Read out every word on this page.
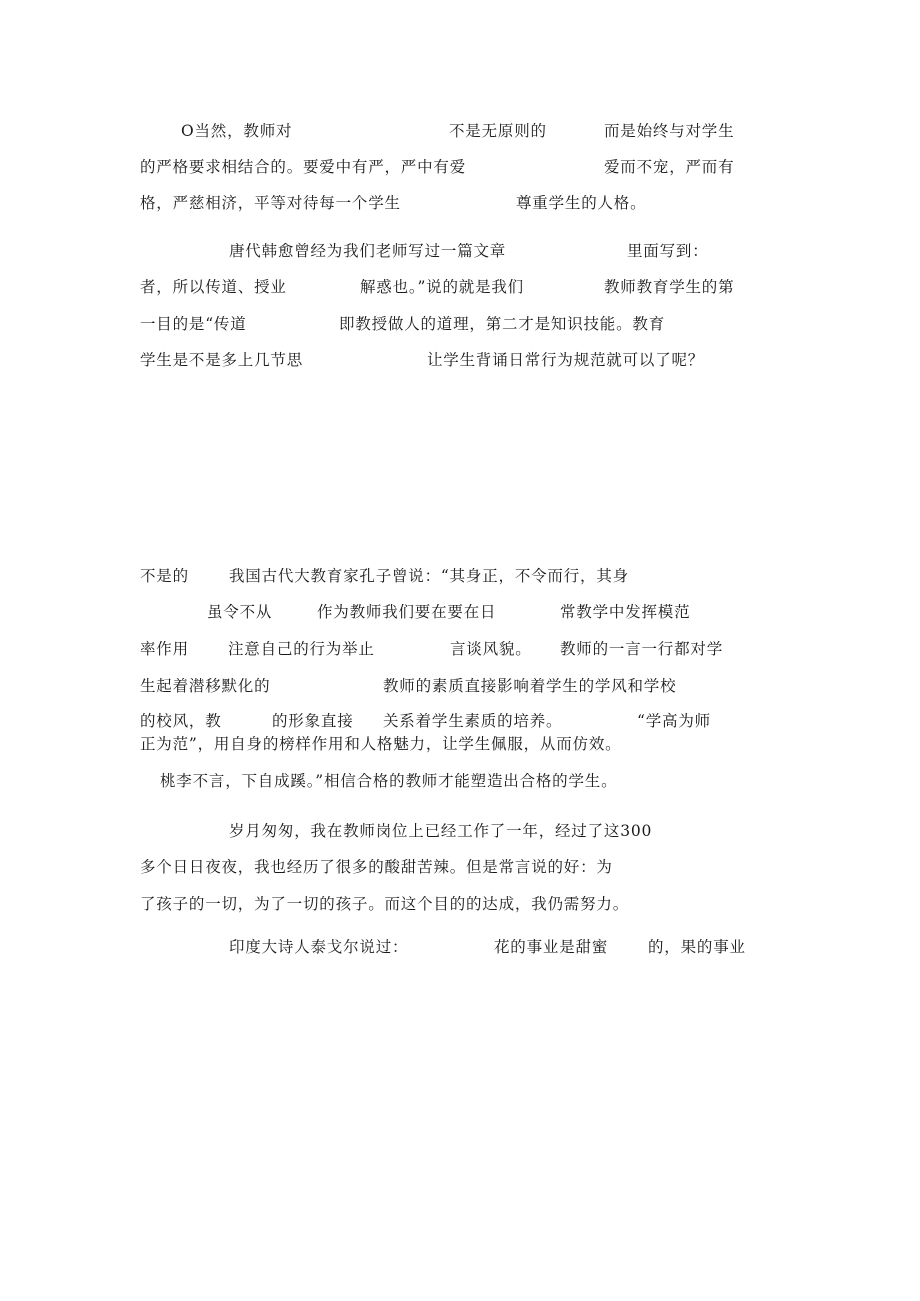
O当然，教师对	不是无原则的	而是始终与对学生
的严格要求相结合的。要爱中有严，严中有爱	爱而不宠，严而有
格，严慈相济，平等对待每一个学生	尊重学生的人格。
唐代韩愈曾经为我们老师写过一篇文章	里面写到：
者，所以传道、授业	解惑也。”说的就是我们	教师教育学生的第
一目的是“传道	即教授做人的道理，第二才是知识技能。教育
学生是不是多上几节思	让学生背诵日常行为规范就可以了呢？
不是的	我国古代大教育家孔子曾说：“其身正，不令而行，其身
虽令不从	作为教师我们要在要在日	常教学中发挥模范
率作用	注意自己的行为举止	言谈风貌。 教师的一言一行都对学
生起着潜移默化的	教师的素质直接影响着学生的学风和学校
的校风，教	的形象直接 关系着学生素质的培养。	“学高为师
正为范”，用自身的榜样作用和人格魅力，让学生佩服，从而仿效。
桃李不言，下自成蹊。”相信合格的教师才能塑造出合格的学生。
岁月匆匆，我在教师岗位上已经工作了一年，经过了这300
多个日日夜夜，我也经历了很多的酸甜苦辣。但是常言说的好：为
了孩子的一切，为了一切的孩子。而这个目的的达成，我仍需努力。
印度大诗人泰戈尔说过：	花的事业是甜蜜	的，果的事业
